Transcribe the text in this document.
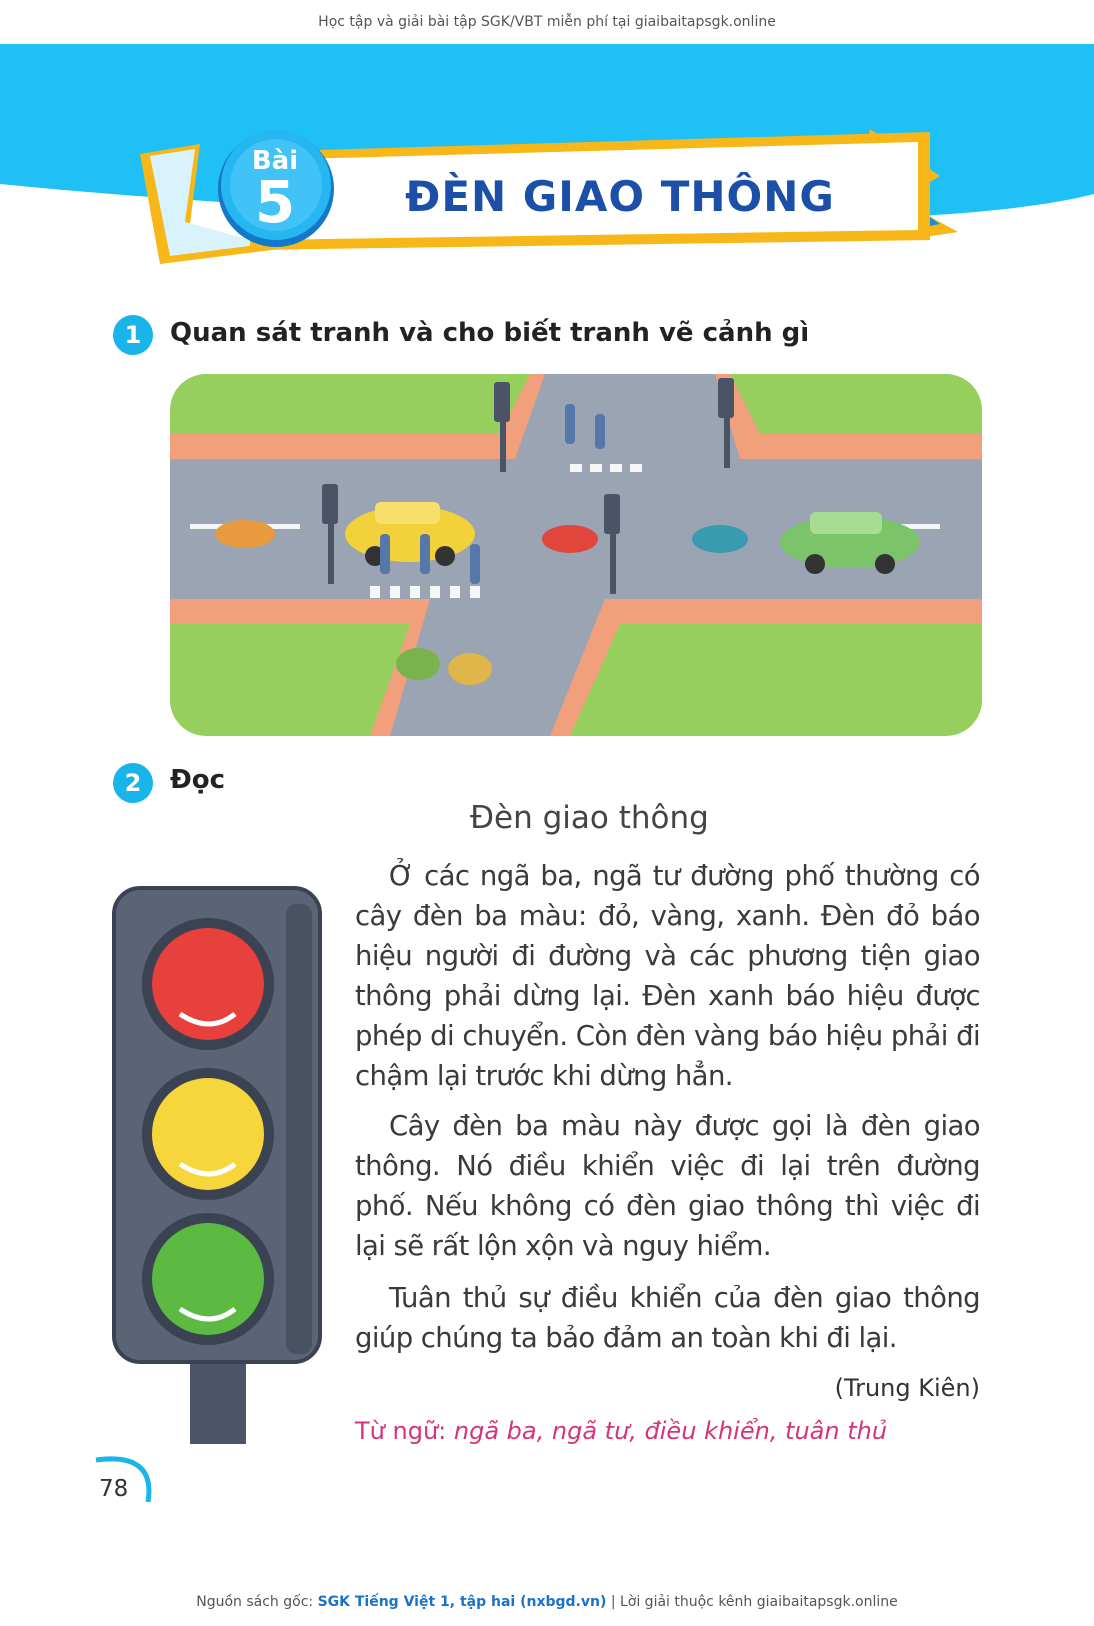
Học tập và giải bài tập SGK/VBT miễn phí tại giaibaitapsgk.online
Bài
5	ĐÈN GIAO THÔNG
1	Quan sát tranh và cho biết tranh vẽ cảnh gì
2	Đọc
Đèn giao thông
Ở các ngã ba, ngã tư đường phố thường có cây đèn ba màu: đỏ, vàng, xanh. Đèn đỏ báo hiệu người đi đường và các phương tiện giao thông phải dừng lại. Đèn xanh báo hiệu được phép di chuyển. Còn đèn vàng báo hiệu phải đi chậm lại trước khi dừng hẳn.
Cây đèn ba màu này được gọi là đèn giao thông. Nó điều khiển việc đi lại trên đường phố. Nếu không có đèn giao thông thì việc đi lại sẽ rất lộn xộn và nguy hiểm.
Tuân thủ sự điều khiển của đèn giao thông giúp chúng ta bảo đảm an toàn khi đi lại.
(Trung Kiên)
Từ ngữ: ngã ba, ngã tư, điều khiển, tuân thủ
78
Nguồn sách gốc: SGK Tiếng Việt 1, tập hai (nxbgd.vn) | Lời giải thuộc kênh giaibaitapsgk.online
